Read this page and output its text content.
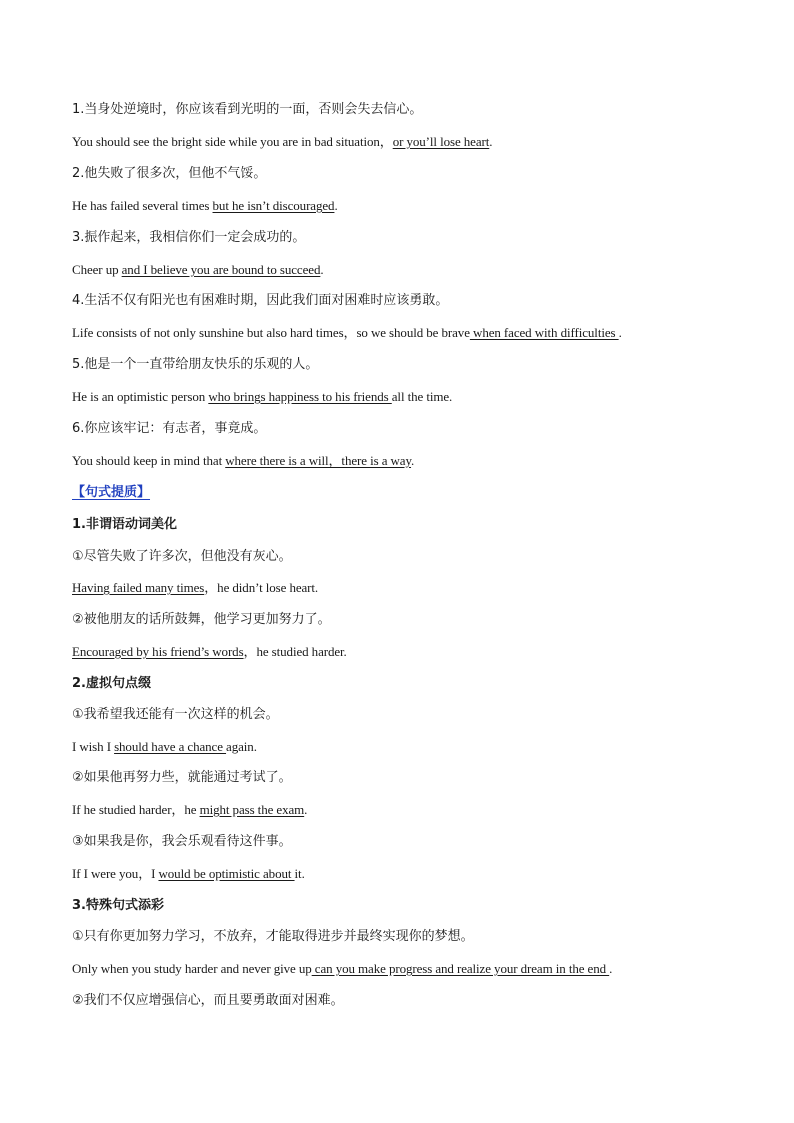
1.当身处逆境时，你应该看到光明的一面，否则会失去信心。
You should see the bright side while you are in bad situation，or you’ll lose heart.
2.他失败了很多次，但他不气馁。
He has failed several times but he isn’t discouraged.
3.振作起来，我相信你们一定会成功的。
Cheer up and I believe you are bound to succeed.
4.生活不仅有阳光也有困难时期，因此我们面对困难时应该勇敢。
Life consists of not only sunshine but also hard times，so we should be brave when faced with difficulties .
5.他是一个一直带给朋友快乐的乐观的人。
He is an optimistic person who brings happiness to his friends all the time.
6.你应该牢记：有志者，事竟成。
You should keep in mind that where there is a will，there is a way.
【句式提质】
1.非谓语动词美化
①尽管失败了许多次，但他没有灰心。
Having failed many times，he didn’t lose heart.
②被他朋友的话所鼓舞，他学习更加努力了。
Encouraged by his friend’s words，he studied harder.
2.虚拟句点缀
①我希望我还能有一次这样的机会。
I wish I should have a chance again.
②如果他再努力些，就能通过考试了。
If he studied harder，he might pass the exam.
③如果我是你，我会乐观看待这件事。
If I were you，I would be optimistic about it.
3.特殊句式添彩
①只有你更加努力学习，不放弃，才能取得进步并最终实现你的梦想。
Only when you study harder and never give up can you make progress and realize your dream in the end .
②我们不仅应增强信心，而且要勇敢面对困难。
